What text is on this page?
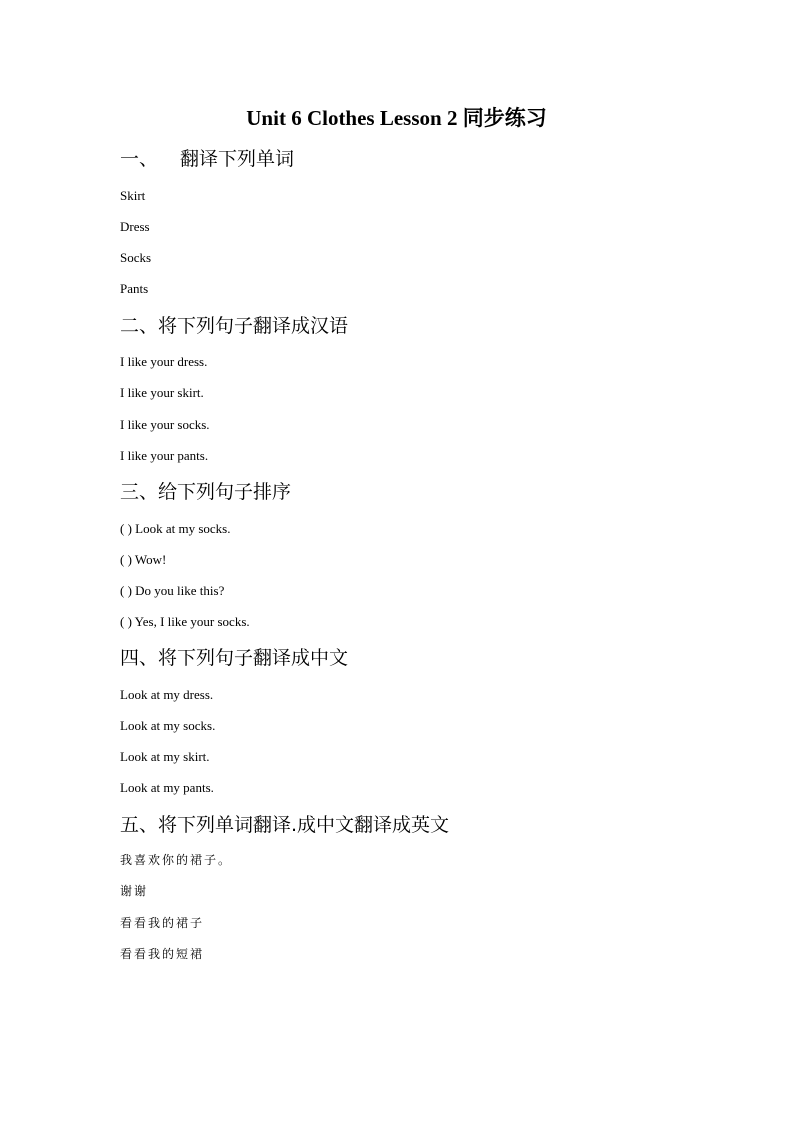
Unit 6 Clothes Lesson 2 同步练习
一、 翻译下列单词
Skirt
Dress
Socks
Pants
二、将下列句子翻译成汉语
I like your dress.
I like your skirt.
I like your socks.
I like your pants.
三、给下列句子排序
( ) Look at my socks.
( ) Wow!
( ) Do you like this?
( ) Yes, I like your socks.
四、将下列句子翻译成中文
Look at my dress.
Look at my socks.
Look at my skirt.
Look at my pants.
五、将下列单词翻译.成中文翻译成英文
我喜欢你的裙子。
谢谢
看看我的裙子
看看我的短裙
